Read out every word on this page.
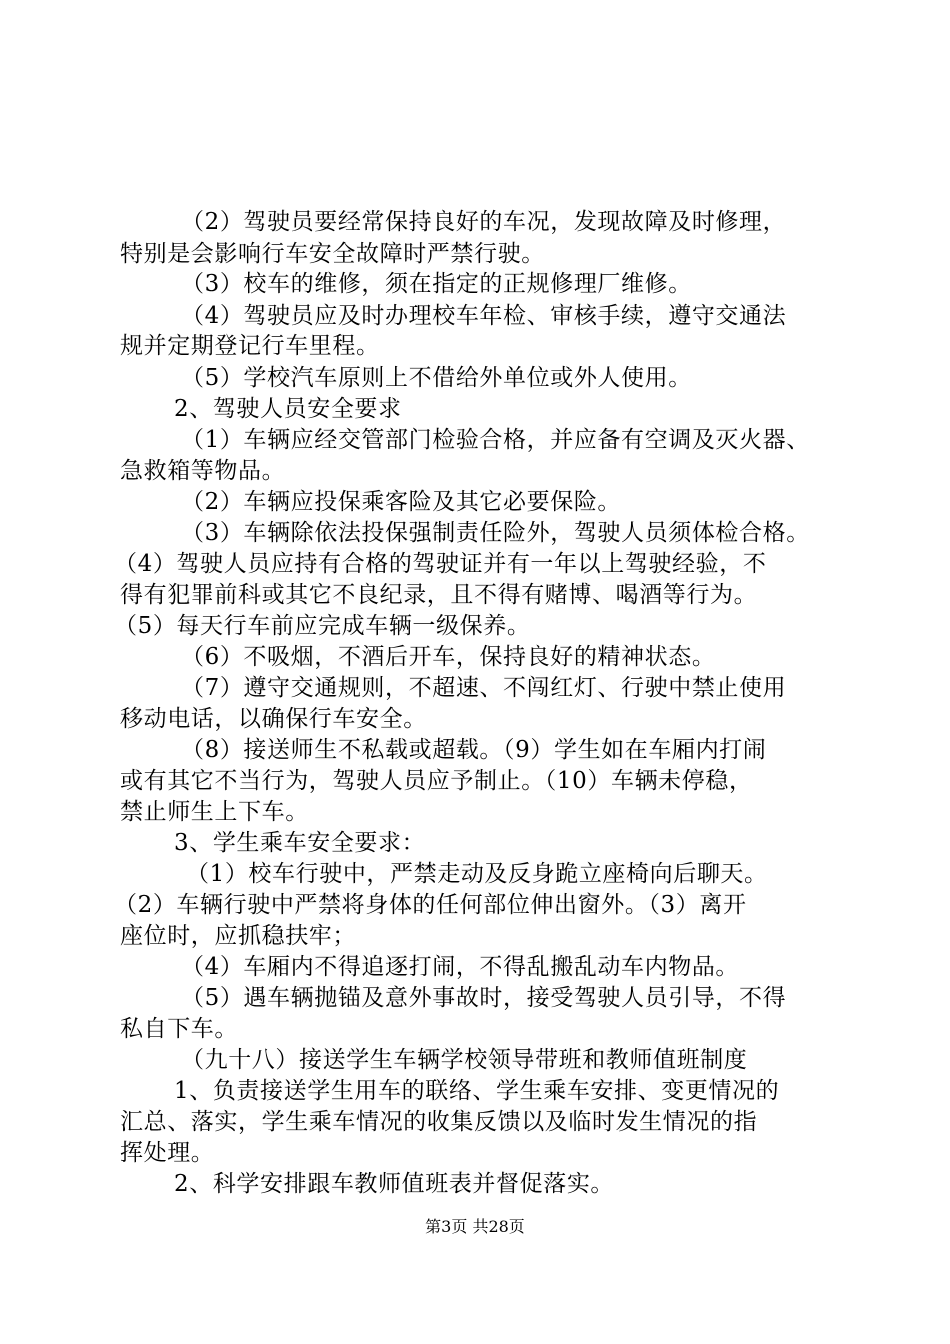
（2）驾驶员要经常保持良好的车况，发现故障及时修理，
特别是会影响行车安全故障时严禁行驶。
（3）校车的维修，须在指定的正规修理厂维修。
（4）驾驶员应及时办理校车年检、审核手续，遵守交通法
规并定期登记行车里程。
（5）学校汽车原则上不借给外单位或外人使用。
2、驾驶人员安全要求
（1）车辆应经交管部门检验合格，并应备有空调及灭火器、
急救箱等物品。
（2）车辆应投保乘客险及其它必要保险。
（3）车辆除依法投保强制责任险外，驾驶人员须体检合格。
（4）驾驶人员应持有合格的驾驶证并有一年以上驾驶经验，不
得有犯罪前科或其它不良纪录，且不得有赌博、喝酒等行为。
（5）每天行车前应完成车辆一级保养。
（6）不吸烟，不酒后开车，保持良好的精神状态。
（7）遵守交通规则，不超速、不闯红灯、行驶中禁止使用
移动电话，以确保行车安全。
（8）接送师生不私载或超载。（9）学生如在车厢内打闹
或有其它不当行为，驾驶人员应予制止。（10）车辆未停稳，
禁止师生上下车。
3、学生乘车安全要求：
（1）校车行驶中，严禁走动及反身跪立座椅向后聊天。
（2）车辆行驶中严禁将身体的任何部位伸出窗外。（3）离开
座位时，应抓稳扶牢；
（4）车厢内不得追逐打闹，不得乱搬乱动车内物品。
（5）遇车辆抛锚及意外事故时，接受驾驶人员引导，不得
私自下车。
（九十八）接送学生车辆学校领导带班和教师值班制度
1、负责接送学生用车的联络、学生乘车安排、变更情况的
汇总、落实，学生乘车情况的收集反馈以及临时发生情况的指
挥处理。
2、科学安排跟车教师值班表并督促落实。
第3页 共28页
